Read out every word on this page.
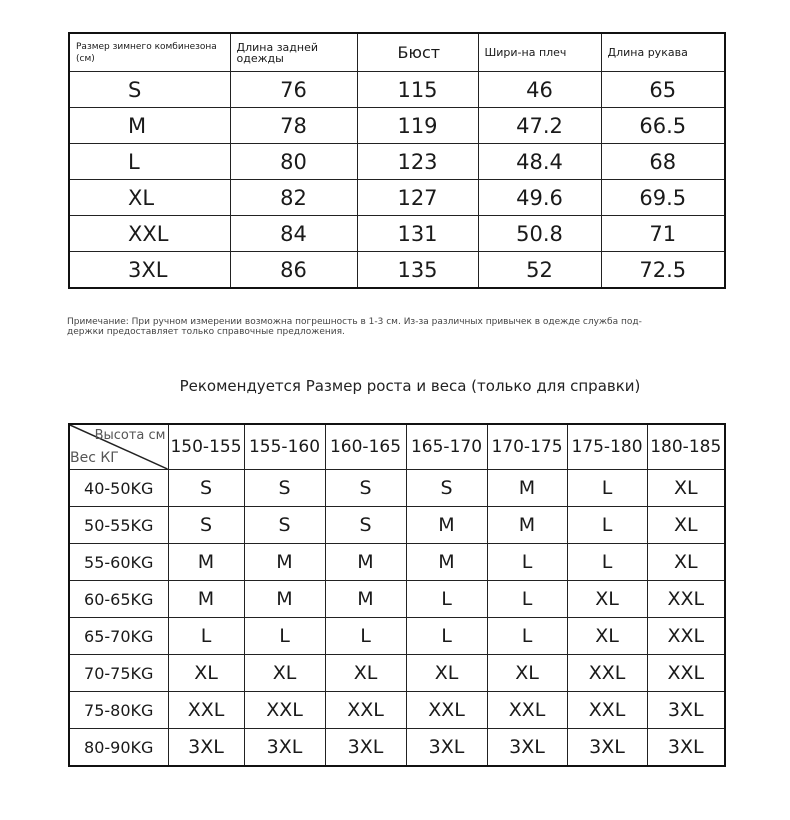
Размер зимнего комбинезона (см)	Длина задней одежды	Бюст	Шири-на плеч	Длина рукава
S	76	115	46	65
M	78	119	47.2	66.5
L	80	123	48.4	68
XL	82	127	49.6	69.5
XXL	84	131	50.8	71
3XL	86	135	52	72.5
Примечание: При ручном измерении возможна погрешность в 1-3 см. Из-за различных привычек в одежде служба под-держки предоставляет только справочные предложения.
Рекомендуется Размер роста и веса (только для справки)
Высота см
Вес КГ	150-155	155-160	160-165	165-170	170-175	175-180	180-185
40-50KG	S	S	S	S	M	L	XL
50-55KG	S	S	S	M	M	L	XL
55-60KG	M	M	M	M	L	L	XL
60-65KG	M	M	M	L	L	XL	XXL
65-70KG	L	L	L	L	L	XL	XXL
70-75KG	XL	XL	XL	XL	XL	XXL	XXL
75-80KG	XXL	XXL	XXL	XXL	XXL	XXL	3XL
80-90KG	3XL	3XL	3XL	3XL	3XL	3XL	3XL
